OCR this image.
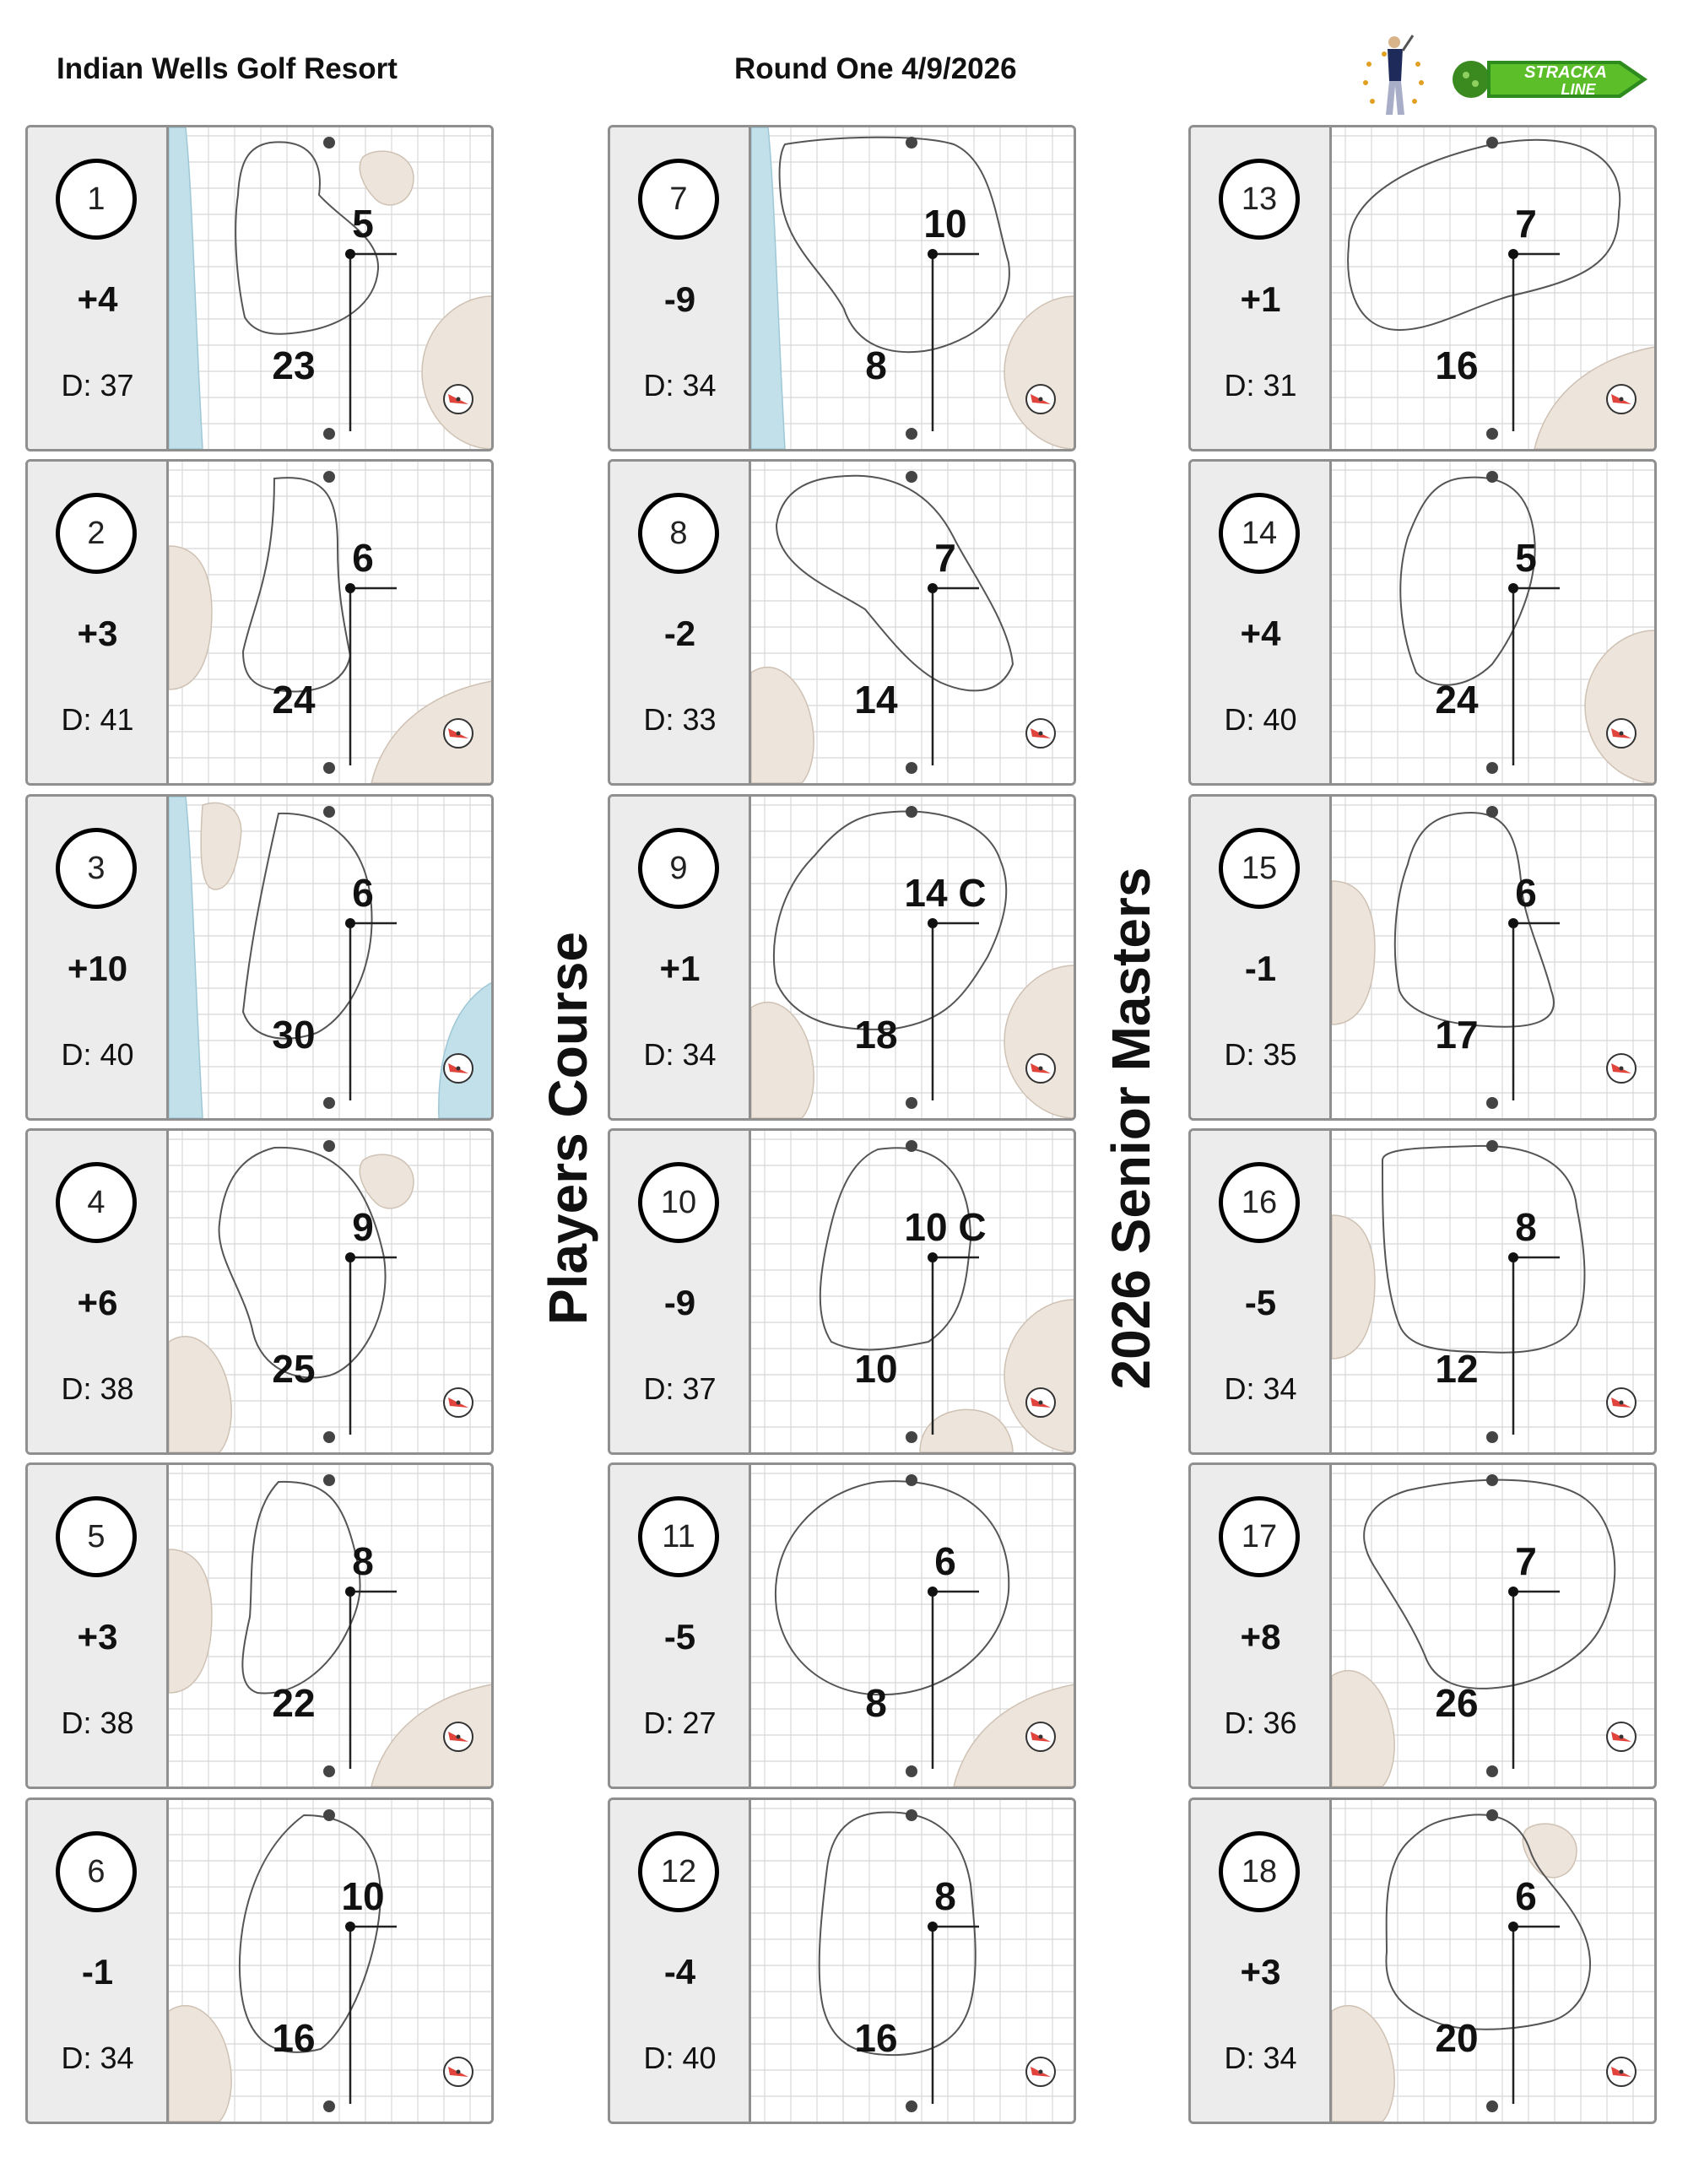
Indian Wells Golf Resort	Round One 4/9/2026	STRACKA
LINE
Players Course	2026 Senior Masters
1
+4
D: 37
5
23
2
+3
D: 41
6
24
3
+10
D: 40
6
30
4
+6
D: 38
9
25
5
+3
D: 38
8
22
6
-1
D: 34
10
16
7
-9
D: 34
10
8
8
-2
D: 33
7
14
9
+1
D: 34
14 C
18
10
-9
D: 37
10 C
10
11
-5
D: 27
6
8
12
-4
D: 40
8
16
13
+1
D: 31
7
16
14
+4
D: 40
5
24
15
-1
D: 35
6
17
16
-5
D: 34
8
12
17
+8
D: 36
7
26
18
+3
D: 34
6
20
